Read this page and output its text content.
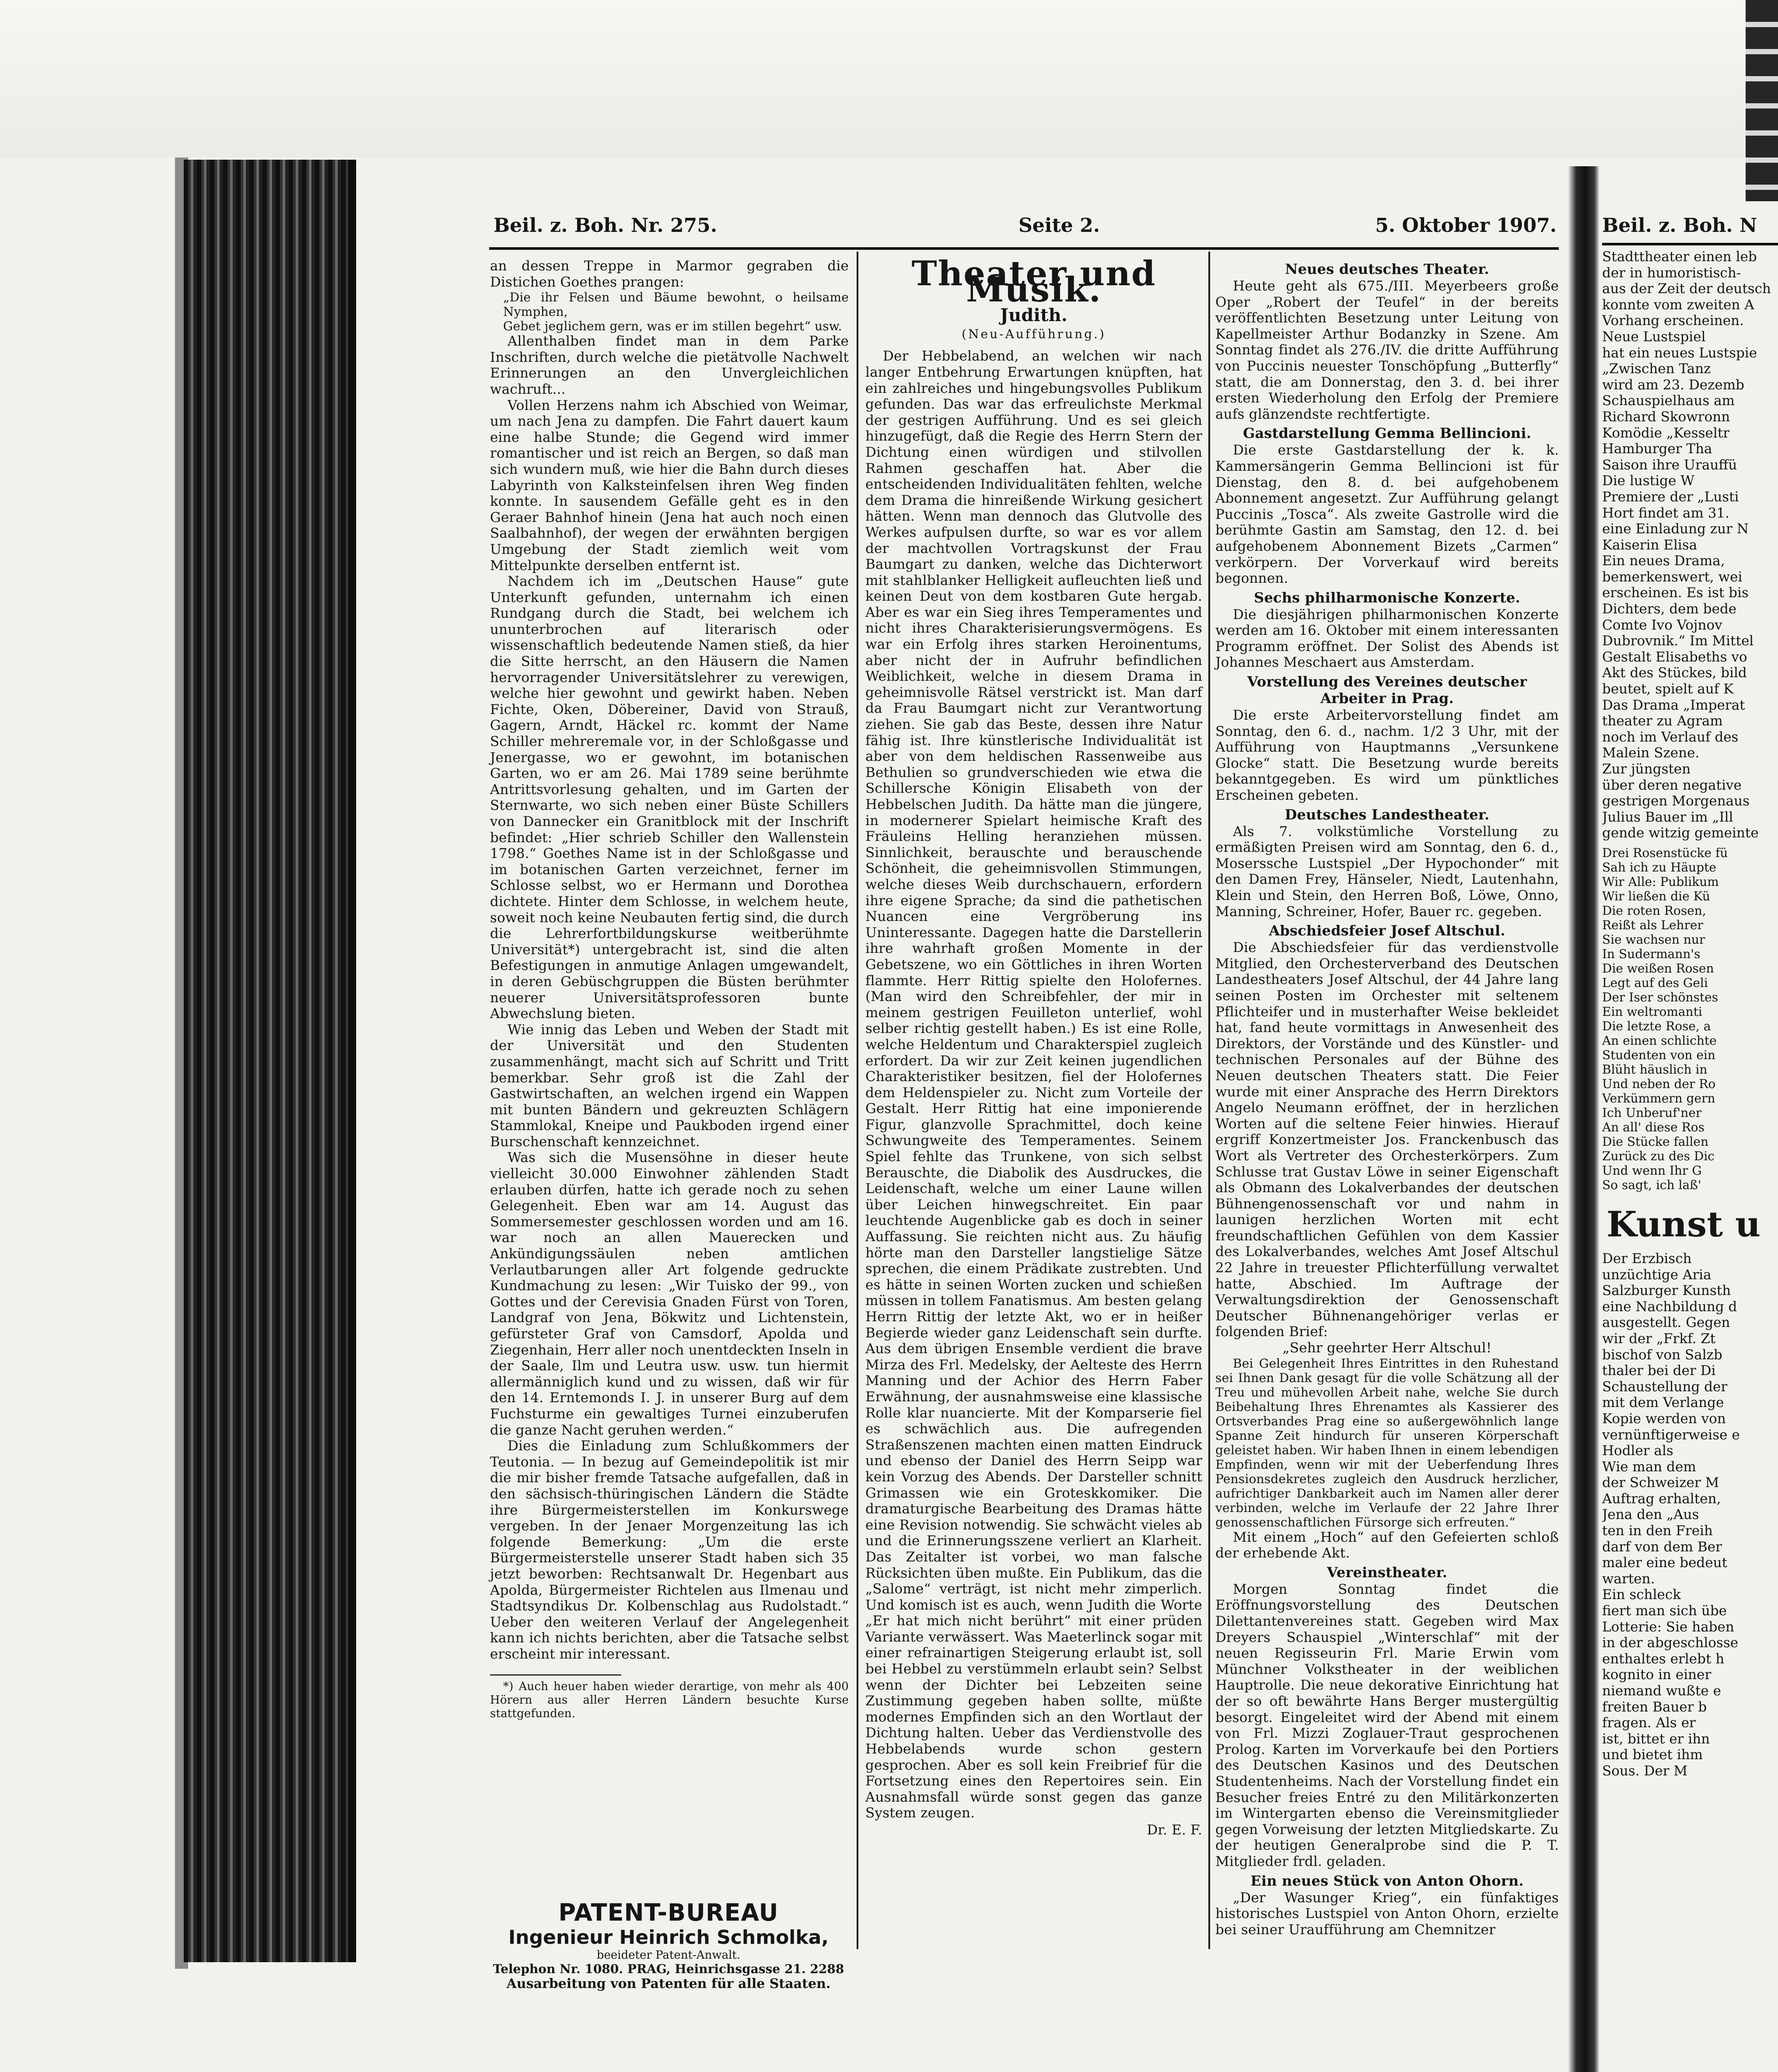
Beil. z. Boh. Nr. 275.	Seite 2.	5. Oktober 1907.

an dessen Treppe in Marmor gegraben die Distichen Goethes prangen:

„Die ihr Felsen und Bäume bewohnt, o heilsame Nymphen,

Gebet jeglichem gern, was er im stillen begehrt“ usw.

Allenthalben findet man in dem Parke Inschriften, durch welche die pietätvolle Nachwelt Erinnerungen an den Unvergleichlichen wachruft...

Vollen Herzens nahm ich Abschied von Weimar, um nach Jena zu dampfen. Die Fahrt dauert kaum eine halbe Stunde; die Gegend wird immer romantischer und ist reich an Bergen, so daß man sich wundern muß, wie hier die Bahn durch dieses Labyrinth von Kalksteinfelsen ihren Weg finden konnte. In sausendem Gefälle geht es in den Geraer Bahnhof hinein (Jena hat auch noch einen Saalbahnhof), der wegen der erwähnten bergigen Umgebung der Stadt ziemlich weit vom Mittelpunkte derselben entfernt ist.

Nachdem ich im „Deutschen Hause“ gute Unterkunft gefunden, unternahm ich einen Rundgang durch die Stadt, bei welchem ich ununterbrochen auf literarisch oder wissenschaftlich bedeutende Namen stieß, da hier die Sitte herrscht, an den Häusern die Namen hervorragender Universitätslehrer zu verewigen, welche hier gewohnt und gewirkt haben. Neben Fichte, Oken, Döbereiner, David von Strauß, Gagern, Arndt, Häckel rc. kommt der Name Schiller mehreremale vor, in der Schloßgasse und Jenergasse, wo er gewohnt, im botanischen Garten, wo er am 26. Mai 1789 seine berühmte Antrittsvorlesung gehalten, und im Garten der Sternwarte, wo sich neben einer Büste Schillers von Dannecker ein Granitblock mit der Inschrift befindet: „Hier schrieb Schiller den Wallenstein 1798.“ Goethes Name ist in der Schloßgasse und im botanischen Garten verzeichnet, ferner im Schlosse selbst, wo er Hermann und Dorothea dichtete. Hinter dem Schlosse, in welchem heute, soweit noch keine Neubauten fertig sind, die durch die Lehrerfortbildungskurse weitberühmte Universität*) untergebracht ist, sind die alten Befestigungen in anmutige Anlagen umgewandelt, in deren Gebüschgruppen die Büsten berühmter neuerer Universitätsprofessoren bunte Abwechslung bieten.

Wie innig das Leben und Weben der Stadt mit der Universität und den Studenten zusammenhängt, macht sich auf Schritt und Tritt bemerkbar. Sehr groß ist die Zahl der Gastwirtschaften, an welchen irgend ein Wappen mit bunten Bändern und gekreuzten Schlägern Stammlokal, Kneipe und Paukboden irgend einer Burschenschaft kennzeichnet.

Was sich die Musensöhne in dieser heute vielleicht 30.000 Einwohner zählenden Stadt erlauben dürfen, hatte ich gerade noch zu sehen Gelegenheit. Eben war am 14. August das Sommersemester geschlossen worden und am 16. war noch an allen Mauerecken und Ankündigungssäulen neben amtlichen Verlautbarungen aller Art folgende gedruckte Kundmachung zu lesen: „Wir Tuisko der 99., von Gottes und der Cerevisia Gnaden Fürst von Toren, Landgraf von Jena, Bökwitz und Lichtenstein, gefürsteter Graf von Camsdorf, Apolda und Ziegenhain, Herr aller noch unentdeckten Inseln in der Saale, Ilm und Leutra usw. usw. tun hiermit allermänniglich kund und zu wissen, daß wir für den 14. Erntemonds I. J. in unserer Burg auf dem Fuchsturme ein gewaltiges Turnei einzuberufen die ganze Nacht geruhen werden.“

Dies die Einladung zum Schlußkommers der Teutonia. — In bezug auf Gemeindepolitik ist mir die mir bisher fremde Tatsache aufgefallen, daß in den sächsisch-thüringischen Ländern die Städte ihre Bürgermeisterstellen im Konkurswege vergeben. In der Jenaer Morgenzeitung las ich folgende Bemerkung: „Um die erste Bürgermeisterstelle unserer Stadt haben sich 35 jetzt beworben: Rechtsanwalt Dr. Hegenbart aus Apolda, Bürgermeister Richtelen aus Ilmenau und Stadtsyndikus Dr. Kolbenschlag aus Rudolstadt.“ Ueber den weiteren Verlauf der Angelegenheit kann ich nichts berichten, aber die Tatsache selbst erscheint mir interessant.

*) Auch heuer haben wieder derartige, von mehr als 400 Hörern aus aller Herren Ländern besuchte Kurse stattgefunden.

PATENT-BUREAU
Ingenieur Heinrich Schmolka,
beeideter Patent-Anwalt.
Telephon Nr. 1080. PRAG, Heinrichsgasse 21. 2288
Ausarbeitung von Patenten für alle Staaten.
Theater und Musik.
Judith.
(Neu-Aufführung.)

Der Hebbelabend, an welchen wir nach langer Entbehrung Erwartungen knüpften, hat ein zahlreiches und hingebungsvolles Publikum gefunden. Das war das erfreulichste Merkmal der gestrigen Aufführung. Und es sei gleich hinzugefügt, daß die Regie des Herrn Stern der Dichtung einen würdigen und stilvollen Rahmen geschaffen hat. Aber die entscheidenden Individualitäten fehlten, welche dem Drama die hinreißende Wirkung gesichert hätten. Wenn man dennoch das Glutvolle des Werkes aufpulsen durfte, so war es vor allem der machtvollen Vortragskunst der Frau Baumgart zu danken, welche das Dichterwort mit stahlblanker Helligkeit aufleuchten ließ und keinen Deut von dem kostbaren Gute hergab. Aber es war ein Sieg ihres Temperamentes und nicht ihres Charakterisierungsvermögens. Es war ein Erfolg ihres starken Heroinentums, aber nicht der in Aufruhr befindlichen Weiblichkeit, welche in diesem Drama in geheimnisvolle Rätsel verstrickt ist. Man darf da Frau Baumgart nicht zur Verantwortung ziehen. Sie gab das Beste, dessen ihre Natur fähig ist. Ihre künstlerische Individualität ist aber von dem heldischen Rassenweibe aus Bethulien so grundverschieden wie etwa die Schillersche Königin Elisabeth von der Hebbelschen Judith. Da hätte man die jüngere, in modernerer Spielart heimische Kraft des Fräuleins Helling heranziehen müssen. Sinnlichkeit, berauschte und berauschende Schönheit, die geheimnisvollen Stimmungen, welche dieses Weib durchschauern, erfordern ihre eigene Sprache; da sind die pathetischen Nuancen eine Vergröberung ins Uninteressante. Dagegen hatte die Darstellerin ihre wahrhaft großen Momente in der Gebetszene, wo ein Göttliches in ihren Worten flammte. Herr Rittig spielte den Holofernes. (Man wird den Schreibfehler, der mir in meinem gestrigen Feuilleton unterlief, wohl selber richtig gestellt haben.) Es ist eine Rolle, welche Heldentum und Charakterspiel zugleich erfordert. Da wir zur Zeit keinen jugendlichen Charakteristiker besitzen, fiel der Holofernes dem Heldenspieler zu. Nicht zum Vorteile der Gestalt. Herr Rittig hat eine imponierende Figur, glanzvolle Sprachmittel, doch keine Schwungweite des Temperamentes. Seinem Spiel fehlte das Trunkene, von sich selbst Berauschte, die Diabolik des Ausdruckes, die Leidenschaft, welche um einer Laune willen über Leichen hinwegschreitet. Ein paar leuchtende Augenblicke gab es doch in seiner Auffassung. Sie reichten nicht aus. Zu häufig hörte man den Darsteller langstielige Sätze sprechen, die einem Prädikate zustrebten. Und es hätte in seinen Worten zucken und schießen müssen in tollem Fanatismus. Am besten gelang Herrn Rittig der letzte Akt, wo er in heißer Begierde wieder ganz Leidenschaft sein durfte. Aus dem übrigen Ensemble verdient die brave Mirza des Frl. Medelsky, der Aelteste des Herrn Manning und der Achior des Herrn Faber Erwähnung, der ausnahmsweise eine klassische Rolle klar nuancierte. Mit der Komparserie fiel es schwächlich aus. Die aufregenden Straßenszenen machten einen matten Eindruck und ebenso der Daniel des Herrn Seipp war kein Vorzug des Abends. Der Darsteller schnitt Grimassen wie ein Groteskkomiker. Die dramaturgische Bearbeitung des Dramas hätte eine Revision notwendig. Sie schwächt vieles ab und die Erinnerungsszene verliert an Klarheit. Das Zeitalter ist vorbei, wo man falsche Rücksichten üben mußte. Ein Publikum, das die „Salome“ verträgt, ist nicht mehr zimperlich. Und komisch ist es auch, wenn Judith die Worte „Er hat mich nicht berührt“ mit einer prüden Variante verwässert. Was Maeterlinck sogar mit einer refrainartigen Steigerung erlaubt ist, soll bei Hebbel zu verstümmeln erlaubt sein? Selbst wenn der Dichter bei Lebzeiten seine Zustimmung gegeben haben sollte, müßte modernes Empfinden sich an den Wortlaut der Dichtung halten. Ueber das Verdienstvolle des Hebbelabends wurde schon gestern gesprochen. Aber es soll kein Freibrief für die Fortsetzung eines den Repertoires sein. Ein Ausnahmsfall würde sonst gegen das ganze System zeugen.

Dr. E. F.
Neues deutsches Theater.

Heute geht als 675./III. Meyerbeers große Oper „Robert der Teufel“ in der bereits veröffentlichten Besetzung unter Leitung von Kapellmeister Arthur Bodanzky in Szene. Am Sonntag findet als 276./IV. die dritte Aufführung von Puccinis neuester Tonschöpfung „Butterfly“ statt, die am Donnerstag, den 3. d. bei ihrer ersten Wiederholung den Erfolg der Premiere aufs glänzendste rechtfertigte.

Gastdarstellung Gemma Bellincioni.

Die erste Gastdarstellung der k. k. Kammersängerin Gemma Bellincioni ist für Dienstag, den 8. d. bei aufgehobenem Abonnement angesetzt. Zur Aufführung gelangt Puccinis „Tosca“. Als zweite Gastrolle wird die berühmte Gastin am Samstag, den 12. d. bei aufgehobenem Abonnement Bizets „Carmen“ verkörpern. Der Vorverkauf wird bereits begonnen.

Sechs philharmonische Konzerte.

Die diesjährigen philharmonischen Konzerte werden am 16. Oktober mit einem interessanten Programm eröffnet. Der Solist des Abends ist Johannes Meschaert aus Amsterdam.

Vorstellung des Vereines deutscher Arbeiter in Prag.

Die erste Arbeitervorstellung findet am Sonntag, den 6. d., nachm. 1/2 3 Uhr, mit der Aufführung von Hauptmanns „Versunkene Glocke“ statt. Die Besetzung wurde bereits bekanntgegeben. Es wird um pünktliches Erscheinen gebeten.

Deutsches Landestheater.

Als 7. volkstümliche Vorstellung zu ermäßigten Preisen wird am Sonntag, den 6. d., Moserssche Lustspiel „Der Hypochonder“ mit den Damen Frey, Hänseler, Niedt, Lautenhahn, Klein und Stein, den Herren Boß, Löwe, Onno, Manning, Schreiner, Hofer, Bauer rc. gegeben.

Abschiedsfeier Josef Altschul.

Die Abschiedsfeier für das verdienstvolle Mitglied, den Orchesterverband des Deutschen Landestheaters Josef Altschul, der 44 Jahre lang seinen Posten im Orchester mit seltenem Pflichteifer und in musterhafter Weise bekleidet hat, fand heute vormittags in Anwesenheit des Direktors, der Vorstände und des Künstler- und technischen Personales auf der Bühne des Neuen deutschen Theaters statt. Die Feier wurde mit einer Ansprache des Herrn Direktors Angelo Neumann eröffnet, der in herzlichen Worten auf die seltene Feier hinwies. Hierauf ergriff Konzertmeister Jos. Franckenbusch das Wort als Vertreter des Orchesterkörpers. Zum Schlusse trat Gustav Löwe in seiner Eigenschaft als Obmann des Lokalverbandes der deutschen Bühnengenossenschaft vor und nahm in launigen herzlichen Worten mit echt freundschaftlichen Gefühlen von dem Kassier des Lokalverbandes, welches Amt Josef Altschul 22 Jahre in treuester Pflichterfüllung verwaltet hatte, Abschied. Im Auftrage der Verwaltungsdirektion der Genossenschaft Deutscher Bühnenangehöriger verlas er folgenden Brief:

„Sehr geehrter Herr Altschul!

Bei Gelegenheit Ihres Eintrittes in den Ruhestand sei Ihnen Dank gesagt für die volle Schätzung all der Treu und mühevollen Arbeit nahe, welche Sie durch Beibehaltung Ihres Ehrenamtes als Kassierer des Ortsverbandes Prag eine so außergewöhnlich lange Spanne Zeit hindurch für unseren Körperschaft geleistet haben. Wir haben Ihnen in einem lebendigen Empfinden, wenn wir mit der Ueberfendung Ihres Pensionsdekretes zugleich den Ausdruck herzlicher, aufrichtiger Dankbarkeit auch im Namen aller derer verbinden, welche im Verlaufe der 22 Jahre Ihrer genossenschaftlichen Fürsorge sich erfreuten.“

Mit einem „Hoch“ auf den Gefeierten schloß der erhebende Akt.

Vereinstheater.

Morgen Sonntag findet die Eröffnungsvorstellung des Deutschen Dilettantenvereines statt. Gegeben wird Max Dreyers Schauspiel „Winterschlaf“ mit der neuen Regisseurin Frl. Marie Erwin vom Münchner Volkstheater in der weiblichen Hauptrolle. Die neue dekorative Einrichtung hat der so oft bewährte Hans Berger mustergültig besorgt. Eingeleitet wird der Abend mit einem von Frl. Mizzi Zoglauer-Traut gesprochenen Prolog. Karten im Vorverkaufe bei den Portiers des Deutschen Kasinos und des Deutschen Studentenheims. Nach der Vorstellung findet ein Besucher freies Entré zu den Militärkonzerten im Wintergarten ebenso die Vereinsmitglieder gegen Vorweisung der letzten Mitgliedskarte. Zu der heutigen Generalprobe sind die P. T. Mitglieder frdl. geladen.

Ein neues Stück von Anton Ohorn.

„Der Wasunger Krieg“, ein fünfaktiges historisches Lustspiel von Anton Ohorn, erzielte bei seiner Uraufführung am Chemnitzer

Beil. z. Boh. N
Stadttheater einen leb
der in humoristisch-
aus der Zeit der deutsch
konnte vom zweiten A
Vorhang erscheinen.
Neue Lustspiel
hat ein neues Lustspie
„Zwischen Tanz
wird am 23. Dezemb
Schauspielhaus am
Richard Skowronn
Komödie „Kesseltr
Hamburger Tha
Saison ihre Urauffü
Die lustige W
Premiere der „Lusti
Hort findet am 31.
eine Einladung zur N
Kaiserin Elisa
Ein neues Drama,
bemerkenswert, wei
erscheinen. Es ist bis
Dichters, dem bede
Comte Ivo Vojnov
Dubrovnik.“ Im Mittel
Gestalt Elisabeths vo
Akt des Stückes, bild
beutet, spielt auf K
Das Drama „Imperat
theater zu Agram
noch im Verlauf des
Malein Szene.
Zur jüngsten
über deren negative
gestrigen Morgenaus
Julius Bauer im „Ill
gende witzig gemeinte
Drei Rosenstücke fü
Sah ich zu Häupte
Wir Alle: Publikum
Wir ließen die Kü
Die roten Rosen,
Reißt als Lehrer
Sie wachsen nur
In Sudermann's
Die weißen Rosen
Legt auf des Geli
Der Iser schönstes
Ein weltromanti
Die letzte Rose, a
An einen schlichte
Studenten von ein
Blüht häuslich in
Und neben der Ro
Verkümmern gern
Ich Unberuf'ner
An all' diese Ros
Die Stücke fallen
Zurück zu des Dic
Und wenn Ihr G
So sagt, ich laß'
Kunst u
Der Erzbisch
unzüchtige Aria
Salzburger Kunsth
eine Nachbildung d
ausgestellt. Gegen
wir der „Frkf. Zt
bischof von Salzb
thaler bei der Di
Schaustellung der
mit dem Verlange
Kopie werden von
vernünftigerweise e
Hodler als
Wie man dem
der Schweizer M
Auftrag erhalten,
Jena den „Aus
ten in den Freih
darf von dem Ber
maler eine bedeut
warten.
Ein schleck
fiert man sich übe
Lotterie: Sie haben
in der abgeschlosse
enthaltes erlebt h
kognito in einer
niemand wußte e
freiten Bauer b
fragen. Als er
ist, bittet er ihn
und bietet ihm
Sous. Der M
